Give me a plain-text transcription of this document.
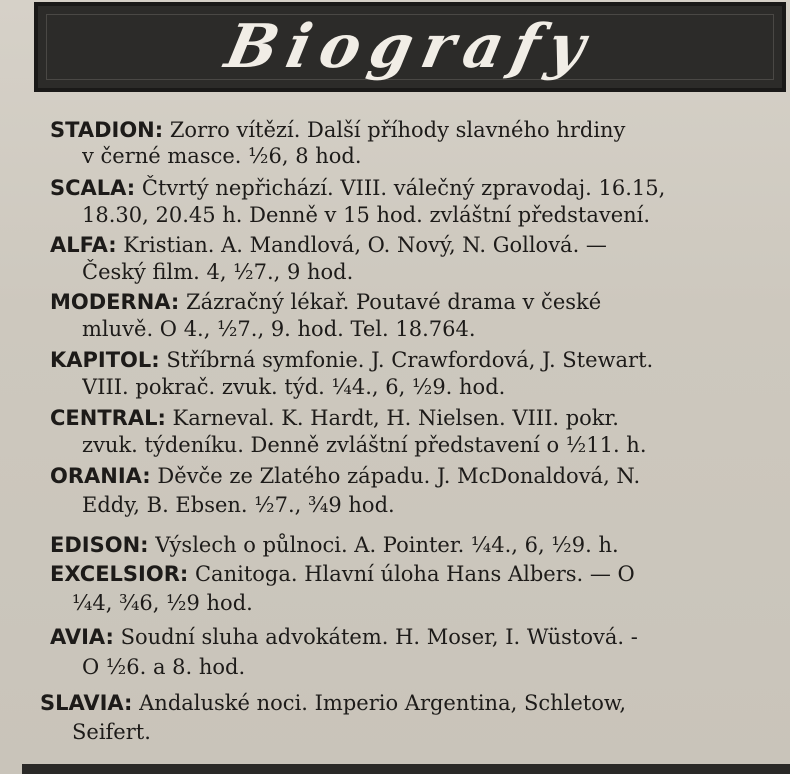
Biografy
STADION: Zorro vítězí. Další příhody slavného hrdiny
v černé masce. ½6, 8 hod.
SCALA: Čtvrtý nepřichází. VIII. válečný zpravodaj. 16.15,
18.30, 20.45 h. Denně v 15 hod. zvláštní představení.
ALFA: Kristian. A. Mandlová, O. Nový, N. Gollová. —
Český film. 4, ½7., 9 hod.
MODERNA: Zázračný lékař. Poutavé drama v české
mluvě. O 4., ½7., 9. hod. Tel. 18.764.
KAPITOL: Stříbrná symfonie. J. Crawfordová, J. Stewart.
VIII. pokrač. zvuk. týd. ¼4., 6, ½9. hod.
CENTRAL: Karneval. K. Hardt, H. Nielsen. VIII. pokr.
zvuk. týdeníku. Denně zvláštní představení o ½11. h.
ORANIA: Děvče ze Zlatého západu. J. McDonaldová, N.
Eddy, B. Ebsen. ½7., ¾9 hod.
EDISON: Výslech o půlnoci. A. Pointer. ¼4., 6, ½9. h.
EXCELSIOR: Canitoga. Hlavní úloha Hans Albers. — O
¼4, ¾6, ½9 hod.
AVIA: Soudní sluha advokátem. H. Moser, I. Wüstová. -
O ½6. a 8. hod.
SLAVIA: Andaluské noci. Imperio Argentina, Schletow,
Seifert.
